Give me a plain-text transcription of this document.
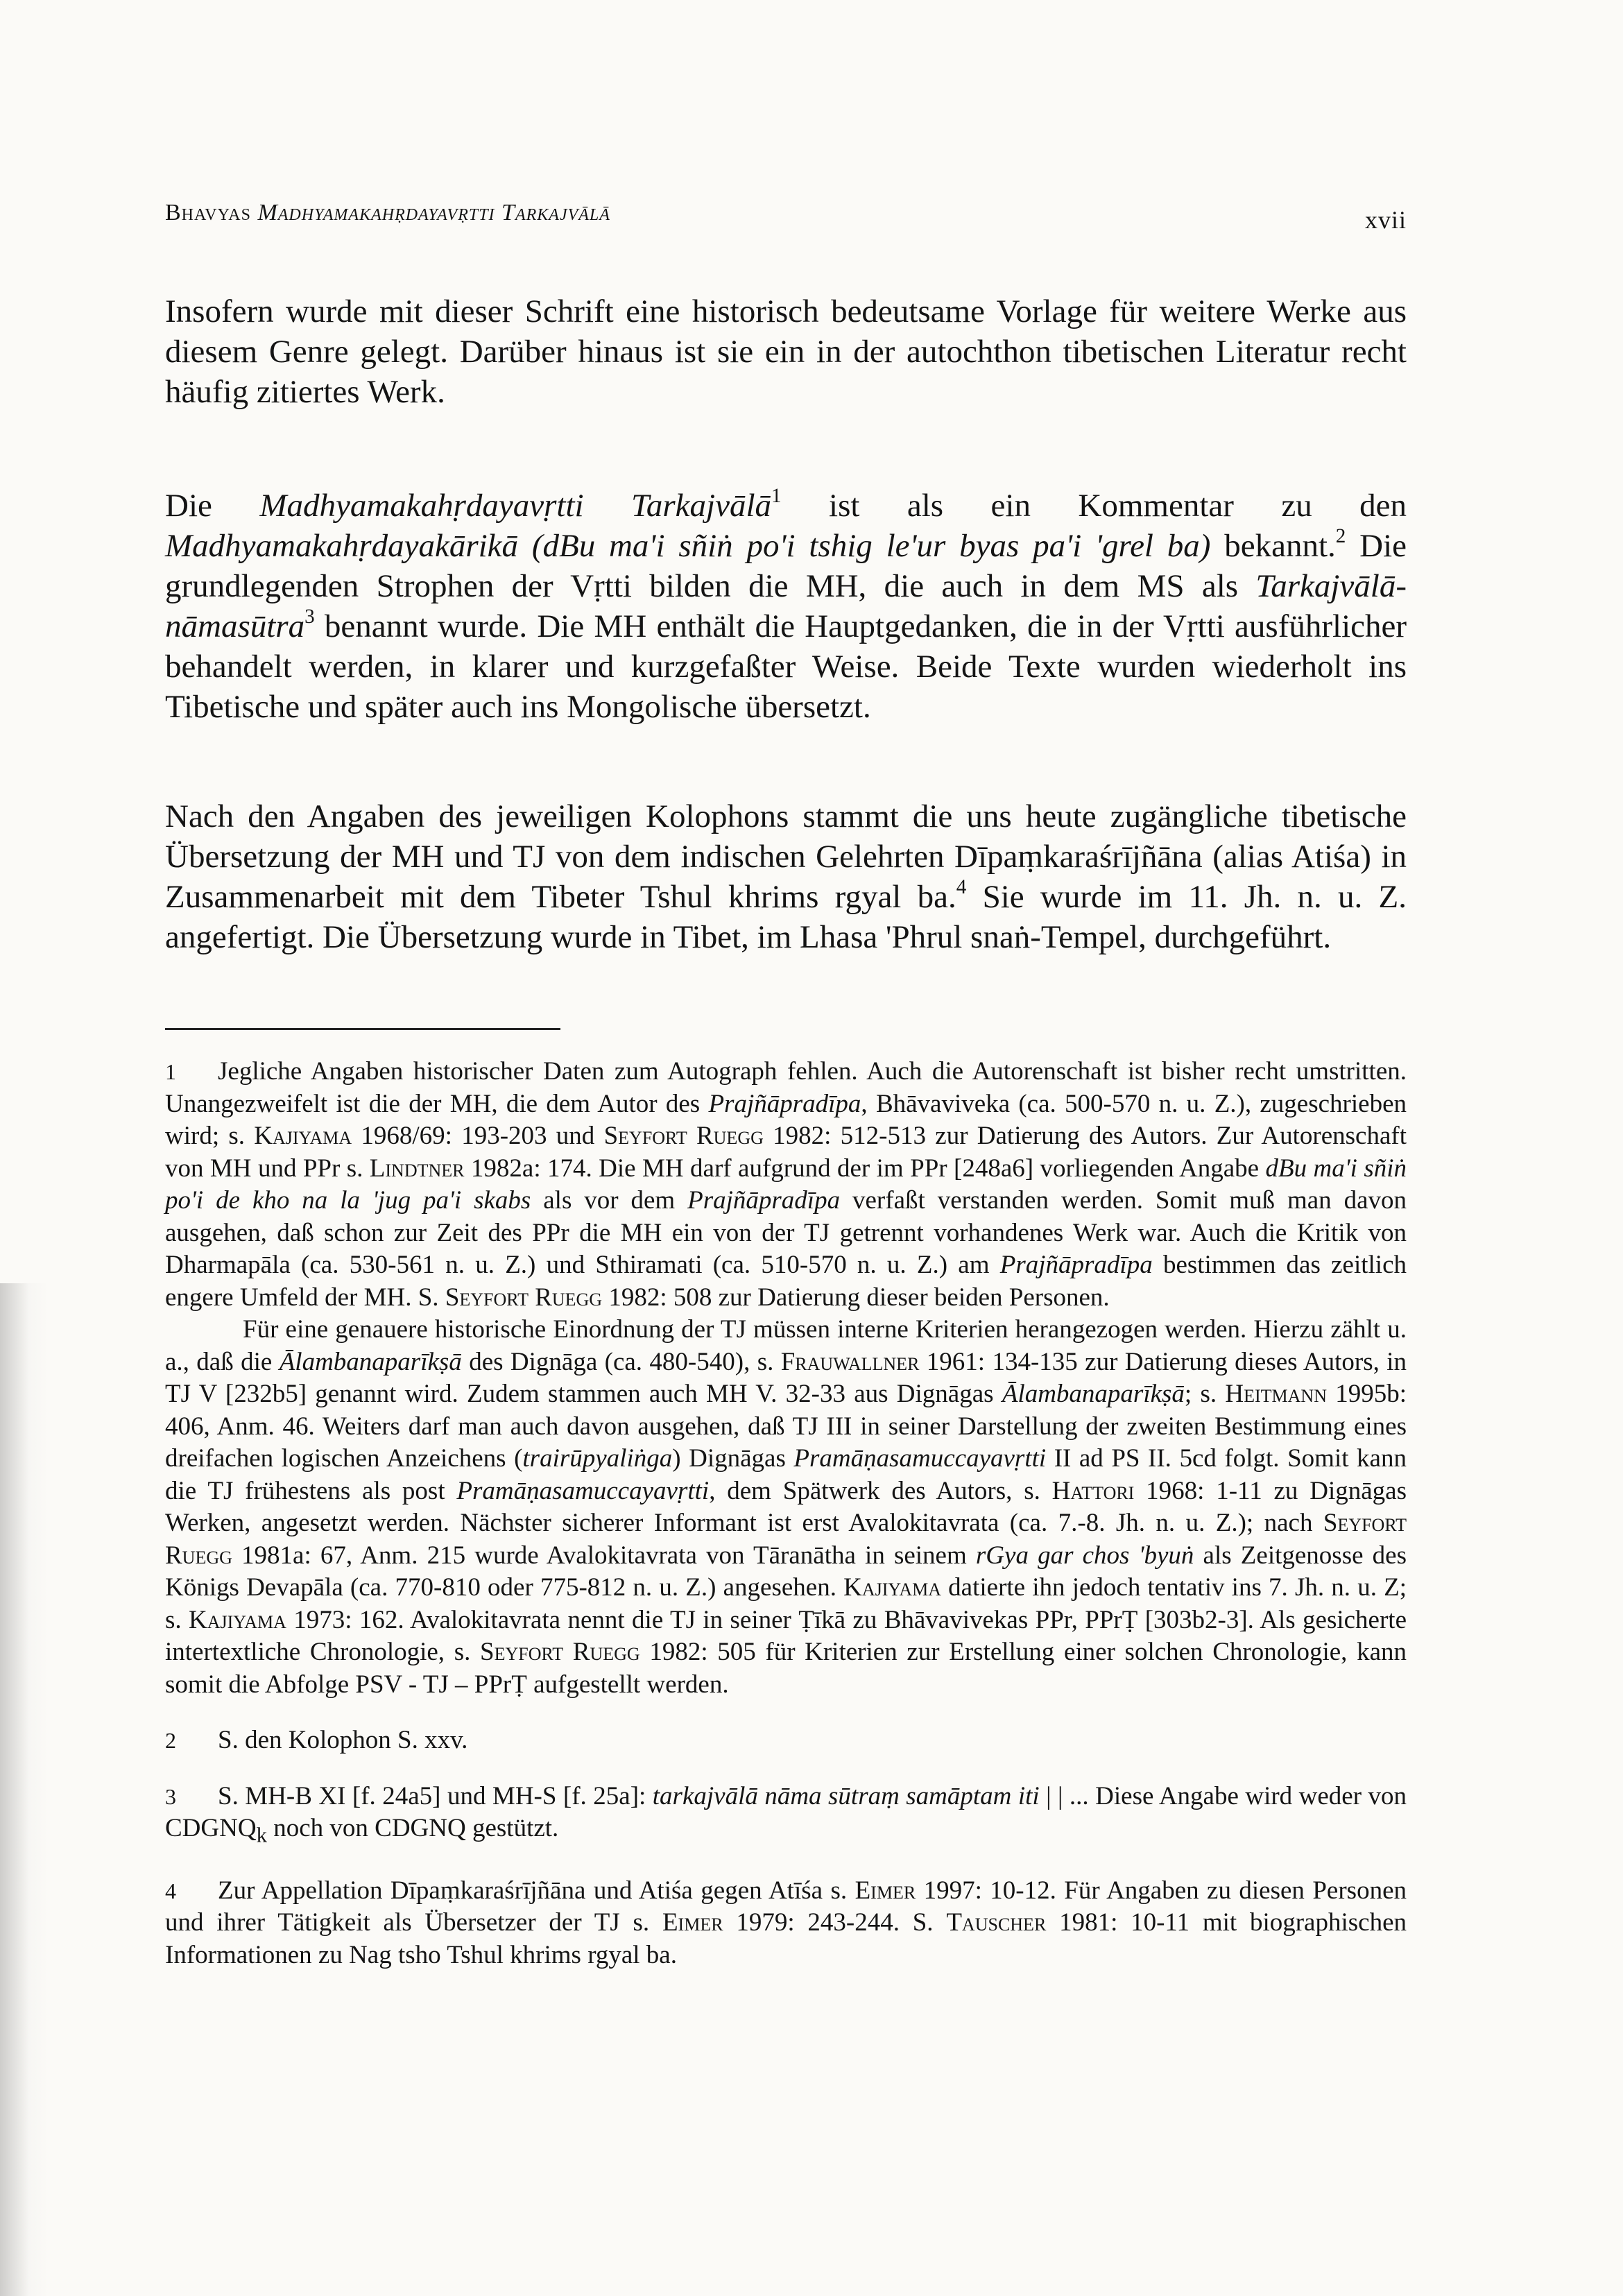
Bhavyas Madhyamakahṛdayavṛtti Tarkajvālā	xvii

Insofern wurde mit dieser Schrift eine historisch bedeutsame Vorlage für weitere Werke aus diesem Genre gelegt. Darüber hinaus ist sie ein in der autochthon tibetischen Literatur recht häufig zitiertes Werk.

Die Madhyamakahṛdayavṛtti Tarkajvālā$^1$ ist als ein Kommentar zu den Madhyamakahṛdayakārikā (dBu ma'i sñiṅ po'i tshig le'ur byas pa'i 'grel ba) bekannt.$^2$ Die grundlegenden Strophen der Vṛtti bilden die MH, die auch in dem MS als Tarkajvālā-nāmasūtra$^3$ benannt wurde. Die MH enthält die Hauptgedanken, die in der Vṛtti ausführlicher behandelt werden, in klarer und kurzgefaßter Weise. Beide Texte wurden wiederholt ins Tibetische und später auch ins Mongolische übersetzt.

Nach den Angaben des jeweiligen Kolophons stammt die uns heute zugängliche tibetische Übersetzung der MH und TJ von dem indischen Gelehrten Dīpaṃkaraśrījñāna (alias Atiśa) in Zusammenarbeit mit dem Tibeter Tshul khrims rgyal ba.$^4$ Sie wurde im 11. Jh. n. u. Z. angefertigt. Die Übersetzung wurde in Tibet, im Lhasa 'Phrul snaṅ-Tempel, durchgeführt.

1 Jegliche Angaben historischer Daten zum Autograph fehlen. Auch die Autorenschaft ist bisher recht umstritten. Unangezweifelt ist die der MH, die dem Autor des Prajñāpradīpa, Bhāvaviveka (ca. 500-570 n. u. Z.), zugeschrieben wird; s. Kajiyama 1968/69: 193-203 und Seyfort Ruegg 1982: 512-513 zur Datierung des Autors. Zur Autorenschaft von MH und PPr s. Lindtner 1982a: 174. Die MH darf aufgrund der im PPr [248a6] vorliegenden Angabe dBu ma'i sñiṅ po'i de kho na la 'jug pa'i skabs als vor dem Prajñāpradīpa verfaßt verstanden werden. Somit muß man davon ausgehen, daß schon zur Zeit des PPr die MH ein von der TJ getrennt vorhandenes Werk war. Auch die Kritik von Dharmapāla (ca. 530-561 n. u. Z.) und Sthiramati (ca. 510-570 n. u. Z.) am Prajñāpradīpa bestimmen das zeitlich engere Umfeld der MH. S. Seyfort Ruegg 1982: 508 zur Datierung dieser beiden Personen.

Für eine genauere historische Einordnung der TJ müssen interne Kriterien herangezogen werden. Hierzu zählt u. a., daß die Ālambanaparīkṣā des Dignāga (ca. 480-540), s. Frauwallner 1961: 134-135 zur Datierung dieses Autors, in TJ V [232b5] genannt wird. Zudem stammen auch MH V. 32-33 aus Dignāgas Ālambanaparīkṣā; s. Heitmann 1995b: 406, Anm. 46. Weiters darf man auch davon ausgehen, daß TJ III in seiner Darstellung der zweiten Bestimmung eines dreifachen logischen Anzeichens (trairūpyaliṅga) Dignāgas Pramāṇasamuccayavṛtti II ad PS II. 5cd folgt. Somit kann die TJ frühestens als post Pramāṇasamuccayavṛtti, dem Spätwerk des Autors, s. Hattori 1968: 1-11 zu Dignāgas Werken, angesetzt werden. Nächster sicherer Informant ist erst Avalokitavrata (ca. 7.-8. Jh. n. u. Z.); nach Seyfort Ruegg 1981a: 67, Anm. 215 wurde Avalokitavrata von Tāranātha in seinem rGya gar chos 'byuṅ als Zeitgenosse des Königs Devapāla (ca. 770-810 oder 775-812 n. u. Z.) angesehen. Kajiyama datierte ihn jedoch tentativ ins 7. Jh. n. u. Z; s. Kajiyama 1973: 162. Avalokitavrata nennt die TJ in seiner Ṭīkā zu Bhāvavivekas PPr, PPrṬ [303b2-3]. Als gesicherte intertextliche Chronologie, s. Seyfort Ruegg 1982: 505 für Kriterien zur Erstellung einer solchen Chronologie, kann somit die Abfolge PSV - TJ – PPrṬ aufgestellt werden.

2 S. den Kolophon S. xxv.

3 S. MH-B XI [f. 24a5] und MH-S [f. 25a]: tarkajvālā nāma sūtraṃ samāptam iti | | ... Diese Angabe wird weder von $CDGNQ_k$ noch von CDGNQ gestützt.

4 Zur Appellation Dīpaṃkaraśrījñāna und Atiśa gegen Atīśa s. Eimer 1997: 10-12. Für Angaben zu diesen Personen und ihrer Tätigkeit als Übersetzer der TJ s. Eimer 1979: 243-244. S. Tauscher 1981: 10-11 mit biographischen Informationen zu Nag tsho Tshul khrims rgyal ba.
